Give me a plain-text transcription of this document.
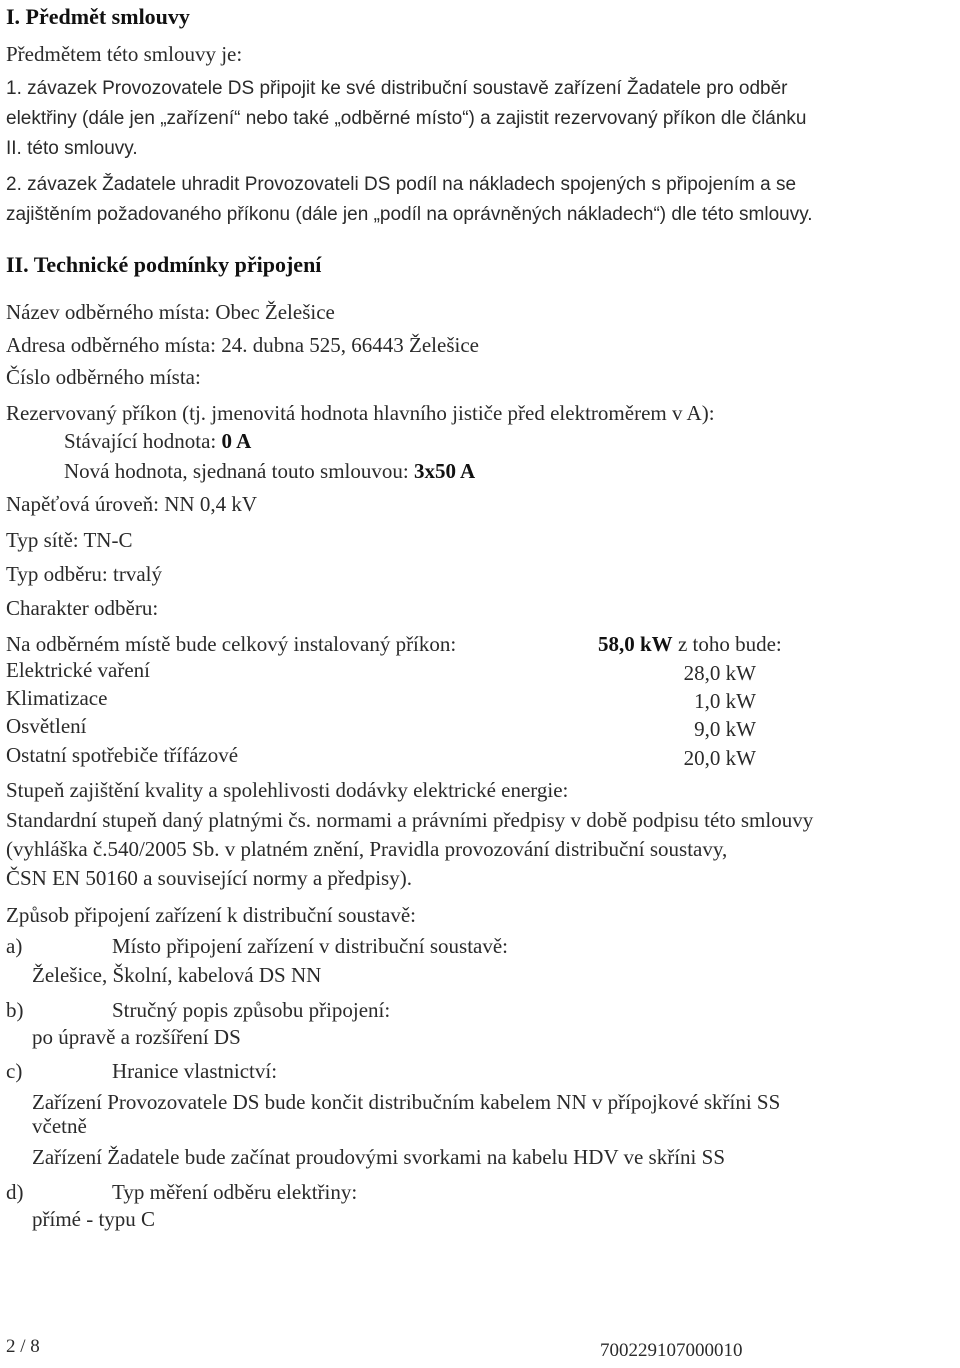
I. Předmět smlouvy
Předmětem této smlouvy je:
1. závazek Provozovatele DS připojit ke své distribuční soustavě zařízení Žadatele pro odběr
elektřiny (dále jen „zařízení“ nebo také „odběrné místo“) a zajistit rezervovaný příkon dle článku
II. této smlouvy.
2. závazek Žadatele uhradit Provozovateli DS podíl na nákladech spojených s připojením a se
zajištěním požadovaného příkonu (dále jen „podíl na oprávněných nákladech“) dle této smlouvy.
II. Technické podmínky připojení
Název odběrného místa: Obec Želešice
Adresa odběrného místa: 24. dubna 525, 66443 Želešice
Číslo odběrného místa:
Rezervovaný příkon (tj. jmenovitá hodnota hlavního jističe před elektroměrem v A):
Stávající hodnota: 0 A
Nová hodnota, sjednaná touto smlouvou: 3x50 A
Napěťová úroveň: NN 0,4 kV
Typ sítě: TN-C
Typ odběru: trvalý
Charakter odběru:
Na odběrném místě bude celkový instalovaný příkon:	58,0 kW z toho bude:
Elektrické vaření	28,0 kW
Klimatizace	1,0 kW
Osvětlení	9,0 kW
Ostatní spotřebiče třífázové	20,0 kW
Stupeň zajištění kvality a spolehlivosti dodávky elektrické energie:
Standardní stupeň daný platnými čs. normami a právními předpisy v době podpisu této smlouvy
(vyhláška č.540/2005 Sb. v platném znění, Pravidla provozování distribuční soustavy,
ČSN EN 50160 a související normy a předpisy).
Způsob připojení zařízení k distribuční soustavě:
a)	Místo připojení zařízení v distribuční soustavě:
Želešice, Školní, kabelová DS NN
b)	Stručný popis způsobu připojení:
po úpravě a rozšíření DS
c)	Hranice vlastnictví:
Zařízení Provozovatele DS bude končit distribučním kabelem NN v přípojkové skříni SS
včetně
Zařízení Žadatele bude začínat proudovými svorkami na kabelu HDV ve skříni SS
d)	Typ měření odběru elektřiny:
přímé - typu C
2 / 8	700229107000010
